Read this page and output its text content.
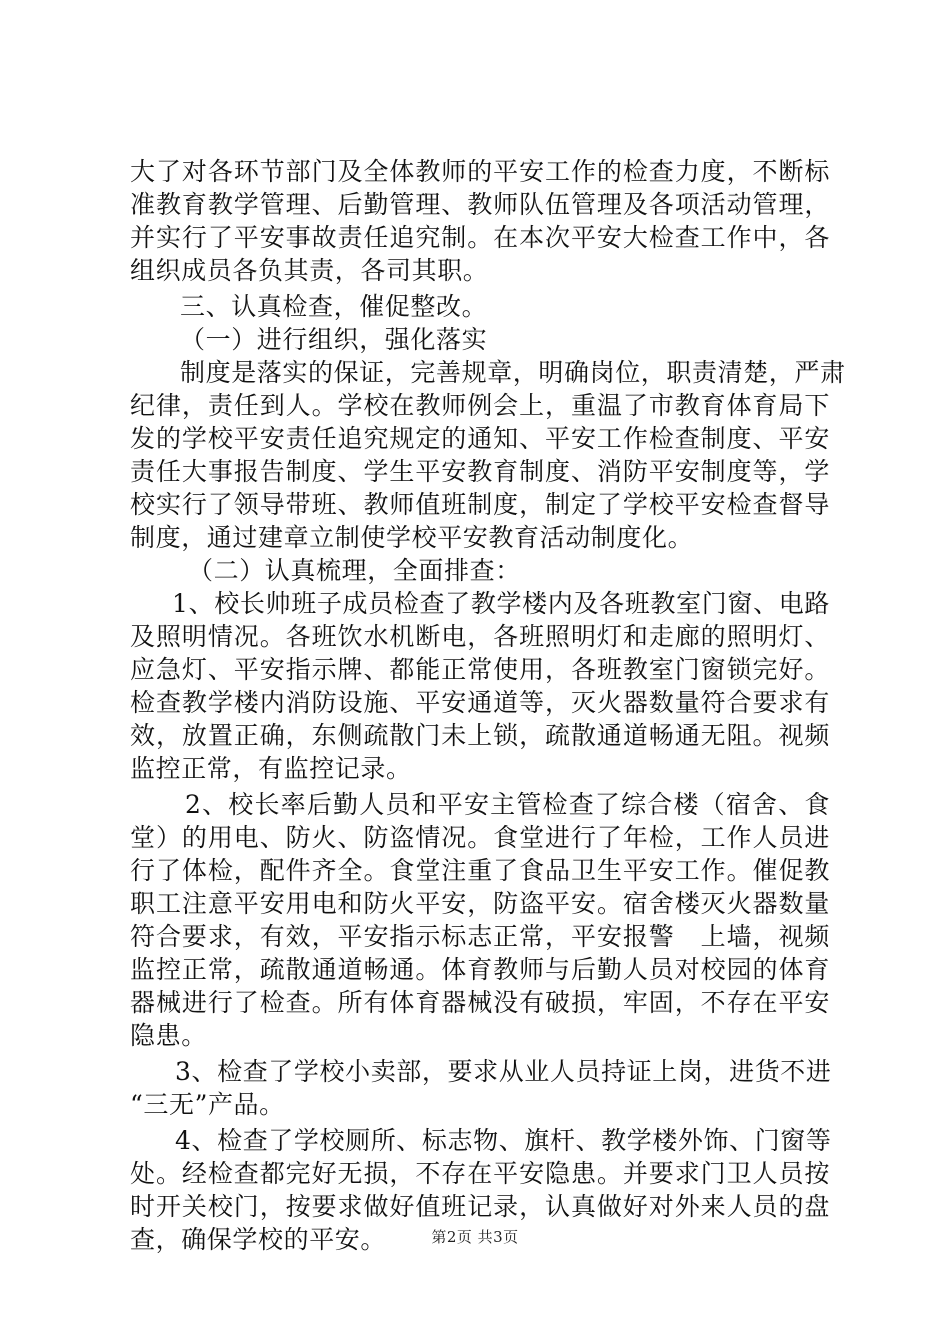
大了对各环节部门及全体教师的平安工作的检查力度，不断标
准教育教学管理、后勤管理、教师队伍管理及各项活动管理，
并实行了平安事故责任追究制。在本次平安大检查工作中，各
组织成员各负其责，各司其职。
三、认真检查，催促整改。
（一）进行组织，强化落实
制度是落实的保证，完善规章，明确岗位，职责清楚，严肃
纪律，责任到人。学校在教师例会上，重温了市教育体育局下
发的学校平安责任追究规定的通知、平安工作检查制度、平安
责任大事报告制度、学生平安教育制度、消防平安制度等，学
校实行了领导带班、教师值班制度，制定了学校平安检查督导
制度，通过建章立制使学校平安教育活动制度化。
（二）认真梳理，全面排查：
1、校长帅班子成员检查了教学楼内及各班教室门窗、电路
及照明情况。各班饮水机断电，各班照明灯和走廊的照明灯、
应急灯、平安指示牌、都能正常使用，各班教室门窗锁完好。
检查教学楼内消防设施、平安通道等，灭火器数量符合要求有
效，放置正确，东侧疏散门未上锁，疏散通道畅通无阻。视频
监控正常，有监控记录。
2、校长率后勤人员和平安主管检查了综合楼（宿舍、食
堂）的用电、防火、防盗情况。食堂进行了年检，工作人员进
行了体检，配件齐全。食堂注重了食品卫生平安工作。催促教
职工注意平安用电和防火平安，防盗平安。宿舍楼灭火器数量
符合要求，有效，平安指示标志正常，平安报警　上墙，视频
监控正常，疏散通道畅通。体育教师与后勤人员对校园的体育
器械进行了检查。所有体育器械没有破损，牢固，不存在平安
隐患。
3、检查了学校小卖部，要求从业人员持证上岗，进货不进
“三无”产品。
4、检查了学校厕所、标志物、旗杆、教学楼外饰、门窗等
处。经检查都完好无损，不存在平安隐患。并要求门卫人员按
时开关校门，按要求做好值班记录，认真做好对外来人员的盘
查，确保学校的平安。	第2页 共3页
